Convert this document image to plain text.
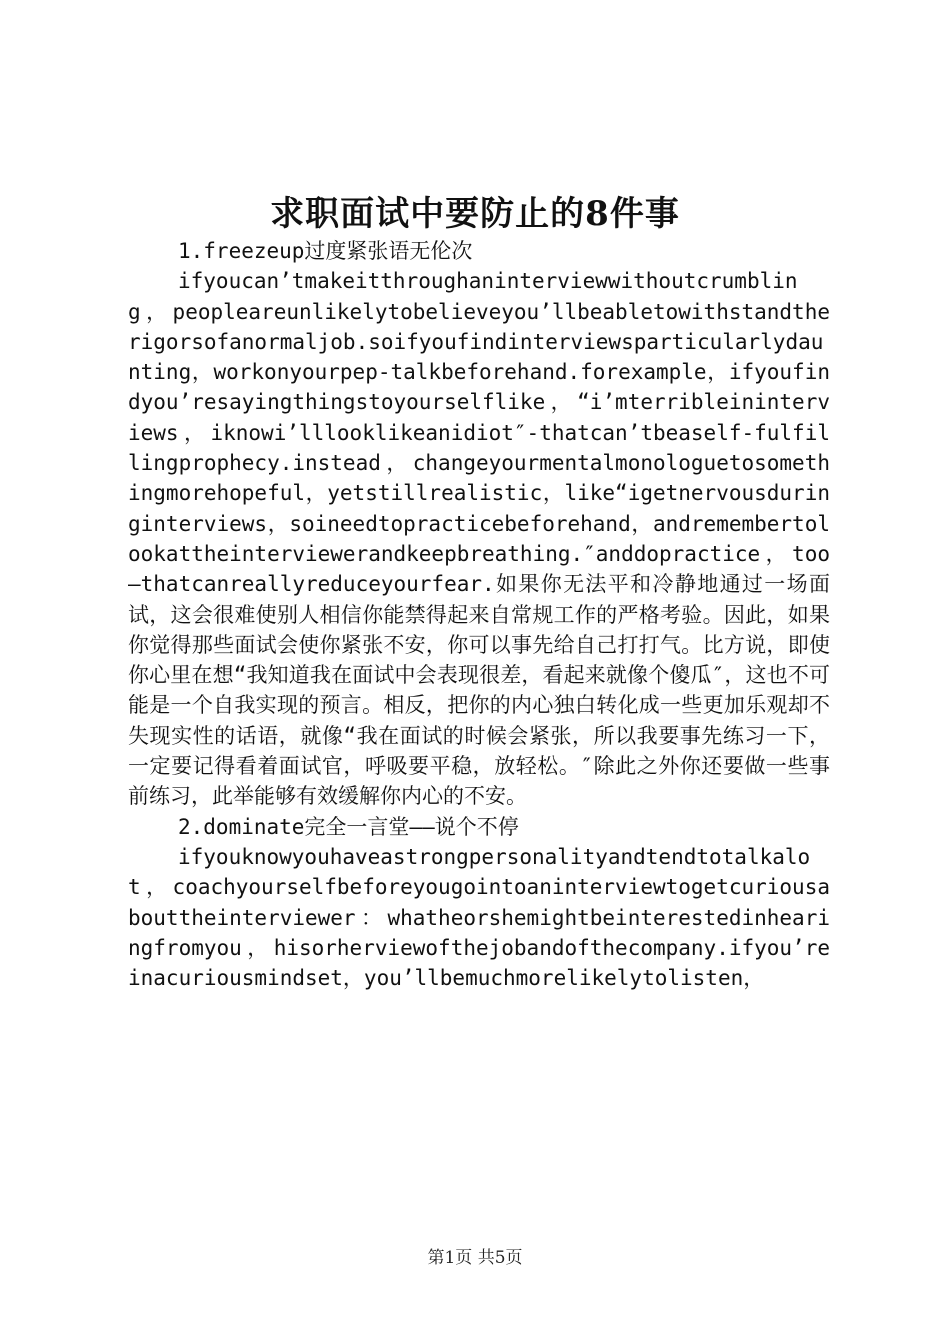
求职面试中要防止的8件事

1.freezeup过度紧张语无伦次

ifyoucan’tmakeitthroughaninterviewwithoutcrumbling，peopleareunlikelytobelieveyou’llbeabletowithstandtherigorsofanormaljob.soifyoufindinterviewsparticularlydaunting，workonyourpep-talkbeforehand.forexample，ifyoufindyou’resayingthingstoyourselflike，“i’mterribleininterviews，iknowi’lllooklikeanidiot″-thatcan’tbeaself-fulfillingprophecy.instead，changeyourmentalmonologuetosomethingmorehopeful，yetstillrealistic，like“igetnervousduringinterviews，soineedtopracticebeforehand，andremembertolookattheinterviewerandkeepbreathing.″anddopractice，too–thatcanreallyreduceyourfear.如果你无法平和冷静地通过一场面试，这会很难使别人相信你能禁得起来自常规工作的严格考验。因此，如果你觉得那些面试会使你紧张不安，你可以事先给自己打打气。比方说，即使你心里在想“我知道我在面试中会表现很差，看起来就像个傻瓜″，这也不可能是一个自我实现的预言。相反，把你的内心独白转化成一些更加乐观却不失现实性的话语，就像“我在面试的时候会紧张，所以我要事先练习一下，一定要记得看着面试官，呼吸要平稳，放轻松。″除此之外你还要做一些事前练习，此举能够有效缓解你内心的不安。

2.dominate完全一言堂——说个不停

ifyouknowyouhaveastrongpersonalityandtendtotalkalot，coachyourselfbeforeyougointoaninterviewtogetcuriousabouttheinterviewer：whatheorshemightbeinterestedinhearingfromyou，hisorherviewofthejobandofthecompany.ifyou’reinacuriousmindset，you’llbemuchmorelikelytolisten，

第1页 共5页
